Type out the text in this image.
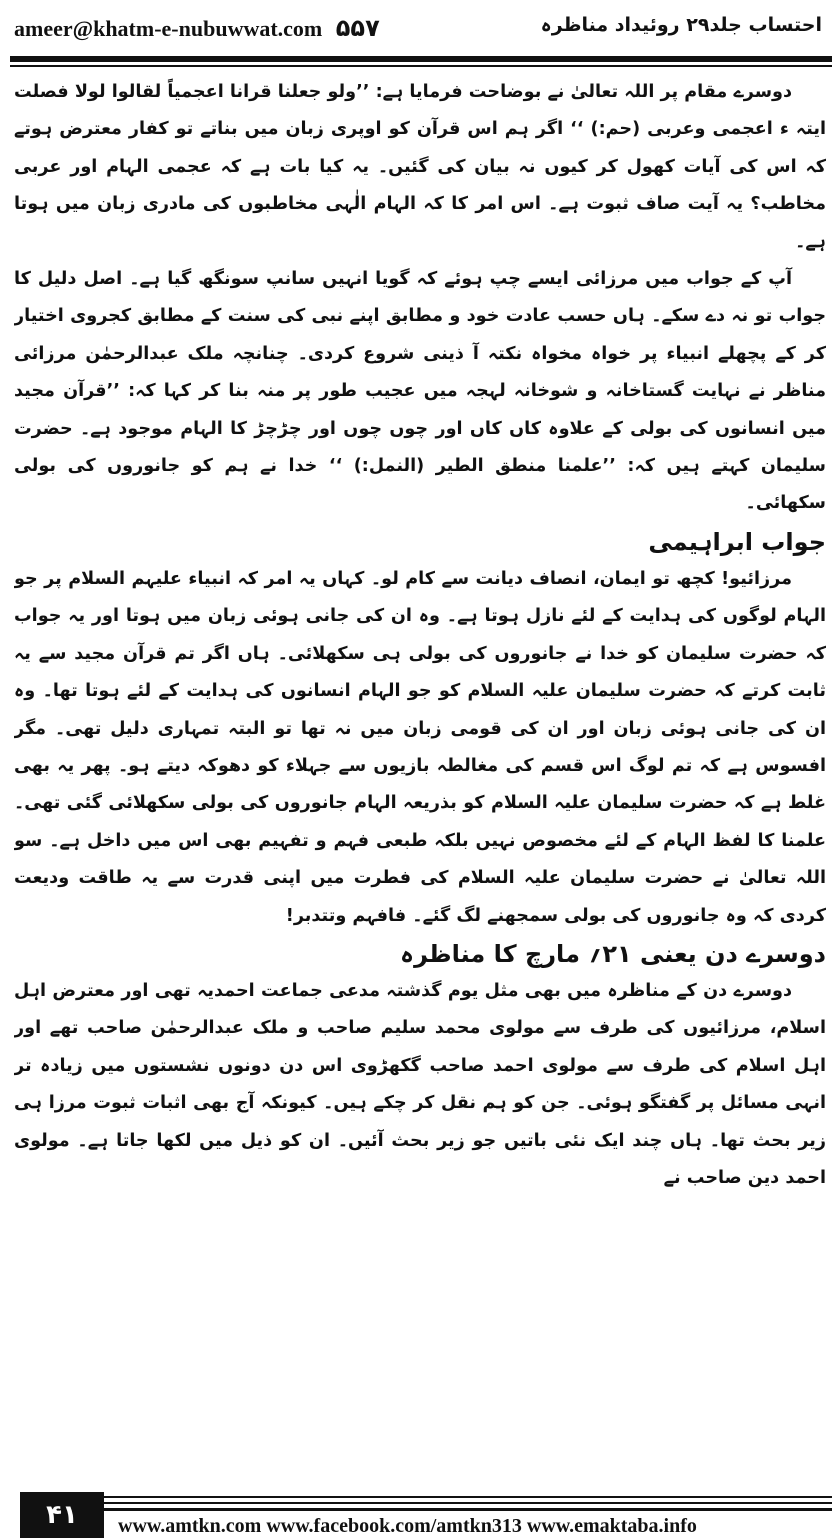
ameer@khatm-e-nubuwwat.com ۵۵۷	احتساب جلد۲۹ روئیداد مناظرہ

دوسرے مقام پر اللہ تعالیٰ نے بوضاحت فرمایا ہے: ’’ولو جعلنا قرانا اعجمیاً لقالوا لولا فصلت ایتہ ء اعجمی وعربی (حم:) ‘‘ اگر ہم اس قرآن کو اوپری زبان میں بناتے تو کفار معترض ہوتے کہ اس کی آیات کھول کر کیوں نہ بیان کی گئیں۔ یہ کیا بات ہے کہ عجمی الہام اور عربی مخاطب؟ یہ آیت صاف ثبوت ہے۔ اس امر کا کہ الہام الٰہی مخاطبوں کی مادری زبان میں ہوتا ہے۔

آپ کے جواب میں مرزائی ایسے چپ ہوئے کہ گویا انہیں سانپ سونگھ گیا ہے۔ اصل دلیل کا جواب تو نہ دے سکے۔ ہاں حسب عادت خود و مطابق اپنے نبی کی سنت کے مطابق کجروی اختیار کر کے پچھلے انبیاء پر خواہ مخواہ نکتہ آ ذینی شروع کردی۔ چنانچہ ملک عبدالرحمٰن مرزائی مناظر نے نہایت گستاخانہ و شوخانہ لہجہ میں عجیب طور پر منہ بنا کر کہا کہ: ’’قرآن مجید میں انسانوں کی بولی کے علاوہ کاں کاں اور چوں چوں اور چڑچڑ کا الہام موجود ہے۔ حضرت سلیمان کہتے ہیں کہ: ’’علمنا منطق الطیر (النمل:) ‘‘ خدا نے ہم کو جانوروں کی بولی سکھائی۔

جواب ابراہیمی

مرزائیو! کچھ تو ایمان، انصاف دیانت سے کام لو۔ کہاں یہ امر کہ انبیاء علیہم السلام پر جو الہام لوگوں کی ہدایت کے لئے نازل ہوتا ہے۔ وہ ان کی جانی ہوئی زبان میں ہوتا اور یہ جواب کہ حضرت سلیمان کو خدا نے جانوروں کی بولی ہی سکھلائی۔ ہاں اگر تم قرآن مجید سے یہ ثابت کرتے کہ حضرت سلیمان علیہ السلام کو جو الہام انسانوں کی ہدایت کے لئے ہوتا تھا۔ وہ ان کی جانی ہوئی زبان اور ان کی قومی زبان میں نہ تھا تو البتہ تمہاری دلیل تھی۔ مگر افسوس ہے کہ تم لوگ اس قسم کی مغالطہ بازیوں سے جہلاء کو دھوکہ دیتے ہو۔ پھر یہ بھی غلط ہے کہ حضرت سلیمان علیہ السلام کو بذریعہ الہام جانوروں کی بولی سکھلائی گئی تھی۔ علمنا کا لفظ الہام کے لئے مخصوص نہیں بلکہ طبعی فہم و تفہیم بھی اس میں داخل ہے۔ سو اللہ تعالیٰ نے حضرت سلیمان علیہ السلام کی فطرت میں اپنی قدرت سے یہ طاقت ودیعت کردی کہ وہ جانوروں کی بولی سمجھنے لگ گئے۔ فافہم وتتدبر!

دوسرے دن یعنی ۲۱؍ مارچ کا مناظرہ

دوسرے دن کے مناظرہ میں بھی مثل یوم گذشتہ مدعی جماعت احمدیہ تھی اور معترض اہل اسلام، مرزائیوں کی طرف سے مولوی محمد سلیم صاحب و ملک عبدالرحمٰن صاحب تھے اور اہل اسلام کی طرف سے مولوی احمد صاحب گکھڑوی اس دن دونوں نشستوں میں زیادہ تر انہی مسائل پر گفتگو ہوئی۔ جن کو ہم نقل کر چکے ہیں۔ کیونکہ آج بھی اثبات ثبوت مرزا ہی زیر بحث تھا۔ ہاں چند ایک نئی باتیں جو زیر بحث آئیں۔ ان کو ذیل میں لکھا جاتا ہے۔ مولوی احمد دین صاحب نے

۴۱	www.amtkn.com www.facebook.com/amtkn313 www.emaktaba.info
